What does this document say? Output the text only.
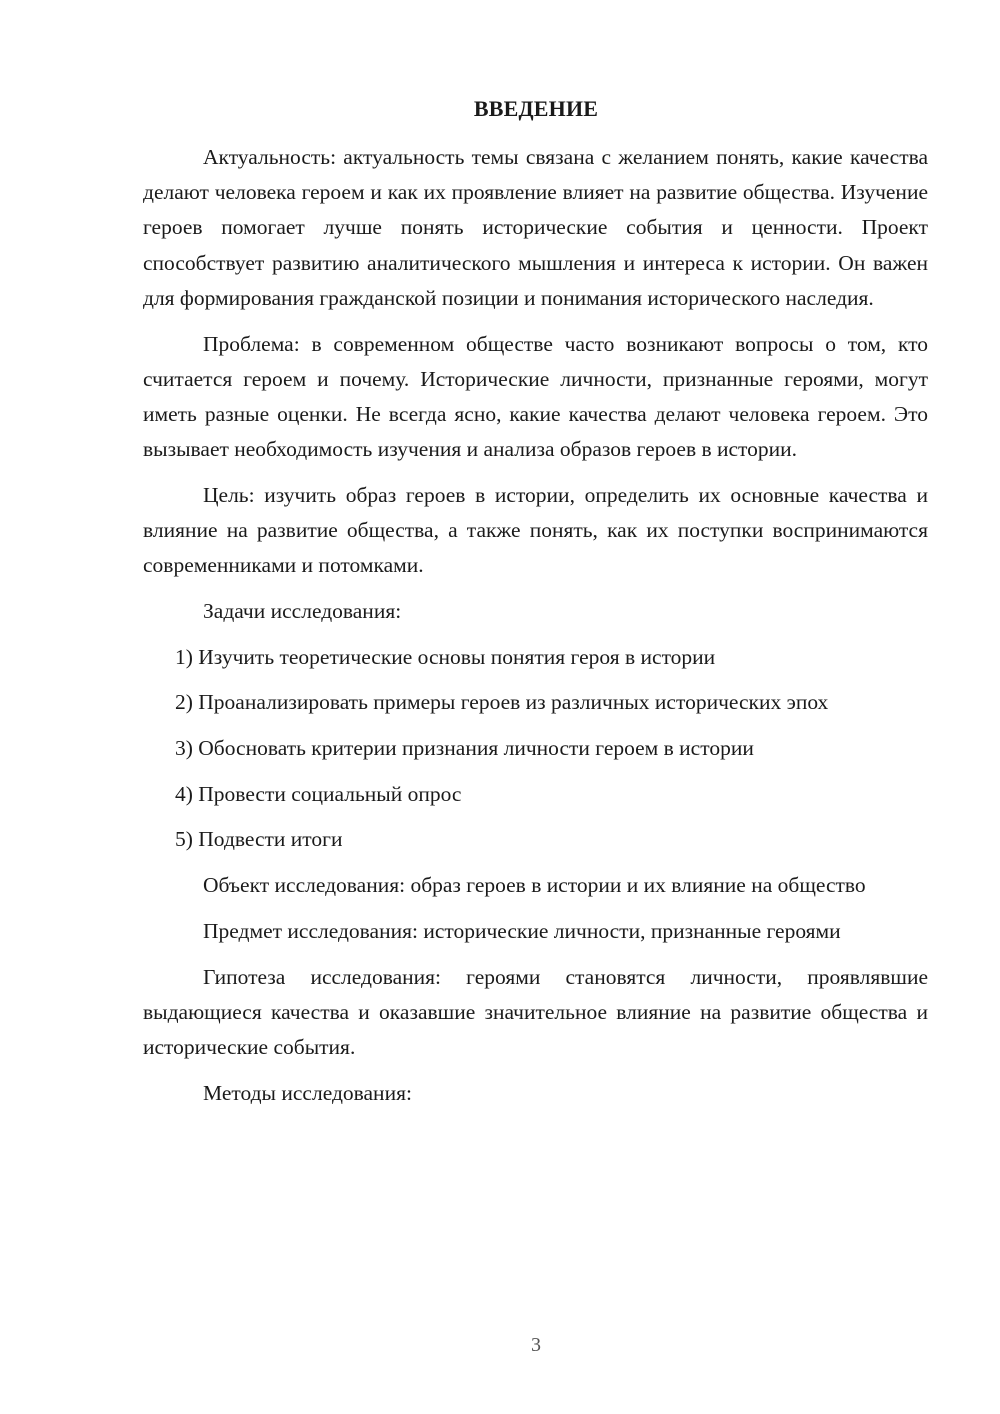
ВВЕДЕНИЕ

Актуальность: актуальность темы связана с желанием понять, какие качества делают человека героем и как их проявление влияет на развитие общества. Изучение героев помогает лучше понять исторические события и ценности. Проект способствует развитию аналитического мышления и интереса к истории. Он важен для формирования гражданской позиции и понимания исторического наследия.

Проблема: в современном обществе часто возникают вопросы о том, кто считается героем и почему. Исторические личности, признанные героями, могут иметь разные оценки. Не всегда ясно, какие качества делают человека героем. Это вызывает необходимость изучения и анализа образов героев в истории.

Цель: изучить образ героев в истории, определить их основные качества и влияние на развитие общества, а также понять, как их поступки воспринимаются современниками и потомками.

Задачи исследования:

1) Изучить теоретические основы понятия героя в истории

2) Проанализировать примеры героев из различных исторических эпох

3) Обосновать критерии признания личности героем в истории

4) Провести социальный опрос

5) Подвести итоги

Объект исследования: образ героев в истории и их влияние на общество

Предмет исследования: исторические личности, признанные героями

Гипотеза исследования: героями становятся личности, проявлявшие выдающиеся качества и оказавшие значительное влияние на развитие общества и исторические события.

Методы исследования:

3
